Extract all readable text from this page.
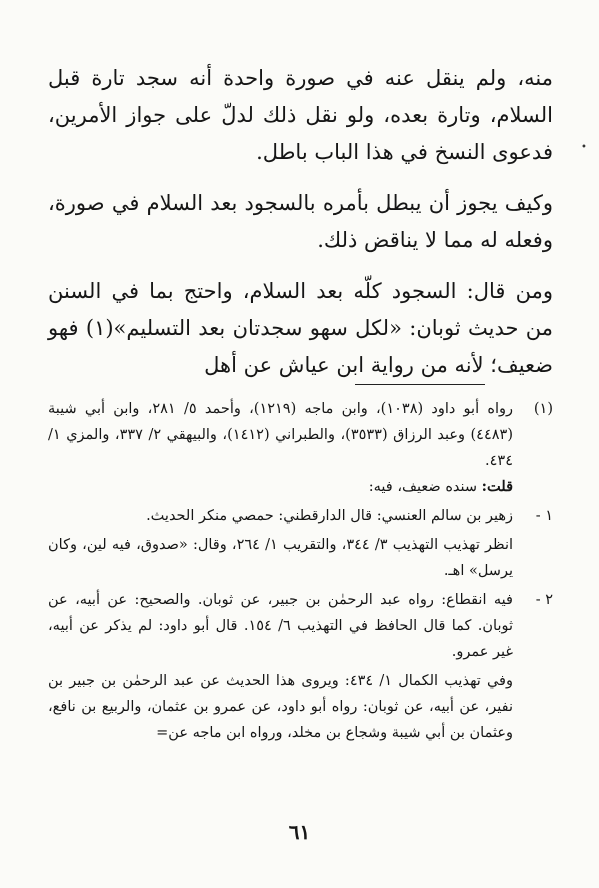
منه، ولم ينقل عنه في صورة واحدة أنه سجد تارة قبل السلام، وتارة بعده، ولو نقل ذلك لدلّ على جواز الأمرين، فدعوى النسخ في هذا الباب باطل.

وكيف يجوز أن يبطل بأمره بالسجود بعد السلام في صورة، وفعله له مما لا يناقض ذلك.

ومن قال: السجود كلّه بعد السلام، واحتج بما في السنن من حديث ثوبان: «لكل سهو سجدتان بعد التسليم»(١) فهو ضعيف؛ لأنه من رواية ابن عياش عن أهل

•
(١)
رواه أبو داود (١٠٣٨)، وابن ماجه (١٢١٩)، وأحمد ٥/ ٢٨١، وابن أبي شيبة (٤٤٨٣) وعبد الرزاق (٣٥٣٣)، والطبراني (١٤١٢)، والبيهقي ٢/ ٣٣٧، والمزي ١/ ٤٣٤.
قلت: سنده ضعيف، فيه:
١ -
زهير بن سالم العنسي: قال الدارقطني: حمصي منكر الحديث.
انظر تهذيب التهذيب ٣/ ٣٤٤، والتقريب ١/ ٢٦٤، وقال: «صدوق، فيه لين، وكان يرسل» اهـ.
٢ -
فيه انقطاع: رواه عبد الرحمٰن بن جبير، عن ثوبان. والصحيح: عن أبيه، عن ثوبان. كما قال الحافظ في التهذيب ٦/ ١٥٤. قال أبو داود: لم يذكر عن أبيه، غير عمرو.
وفي تهذيب الكمال ١/ ٤٣٤: ويروى هذا الحديث عن عبد الرحمٰن بن جبير بن نفير، عن أبيه، عن ثوبان: رواه أبو داود، عن عمرو بن عثمان، والربيع بن نافع، وعثمان بن أبي شيبة وشجاع بن مخلد، ورواه ابن ماجه عن=
٦١
